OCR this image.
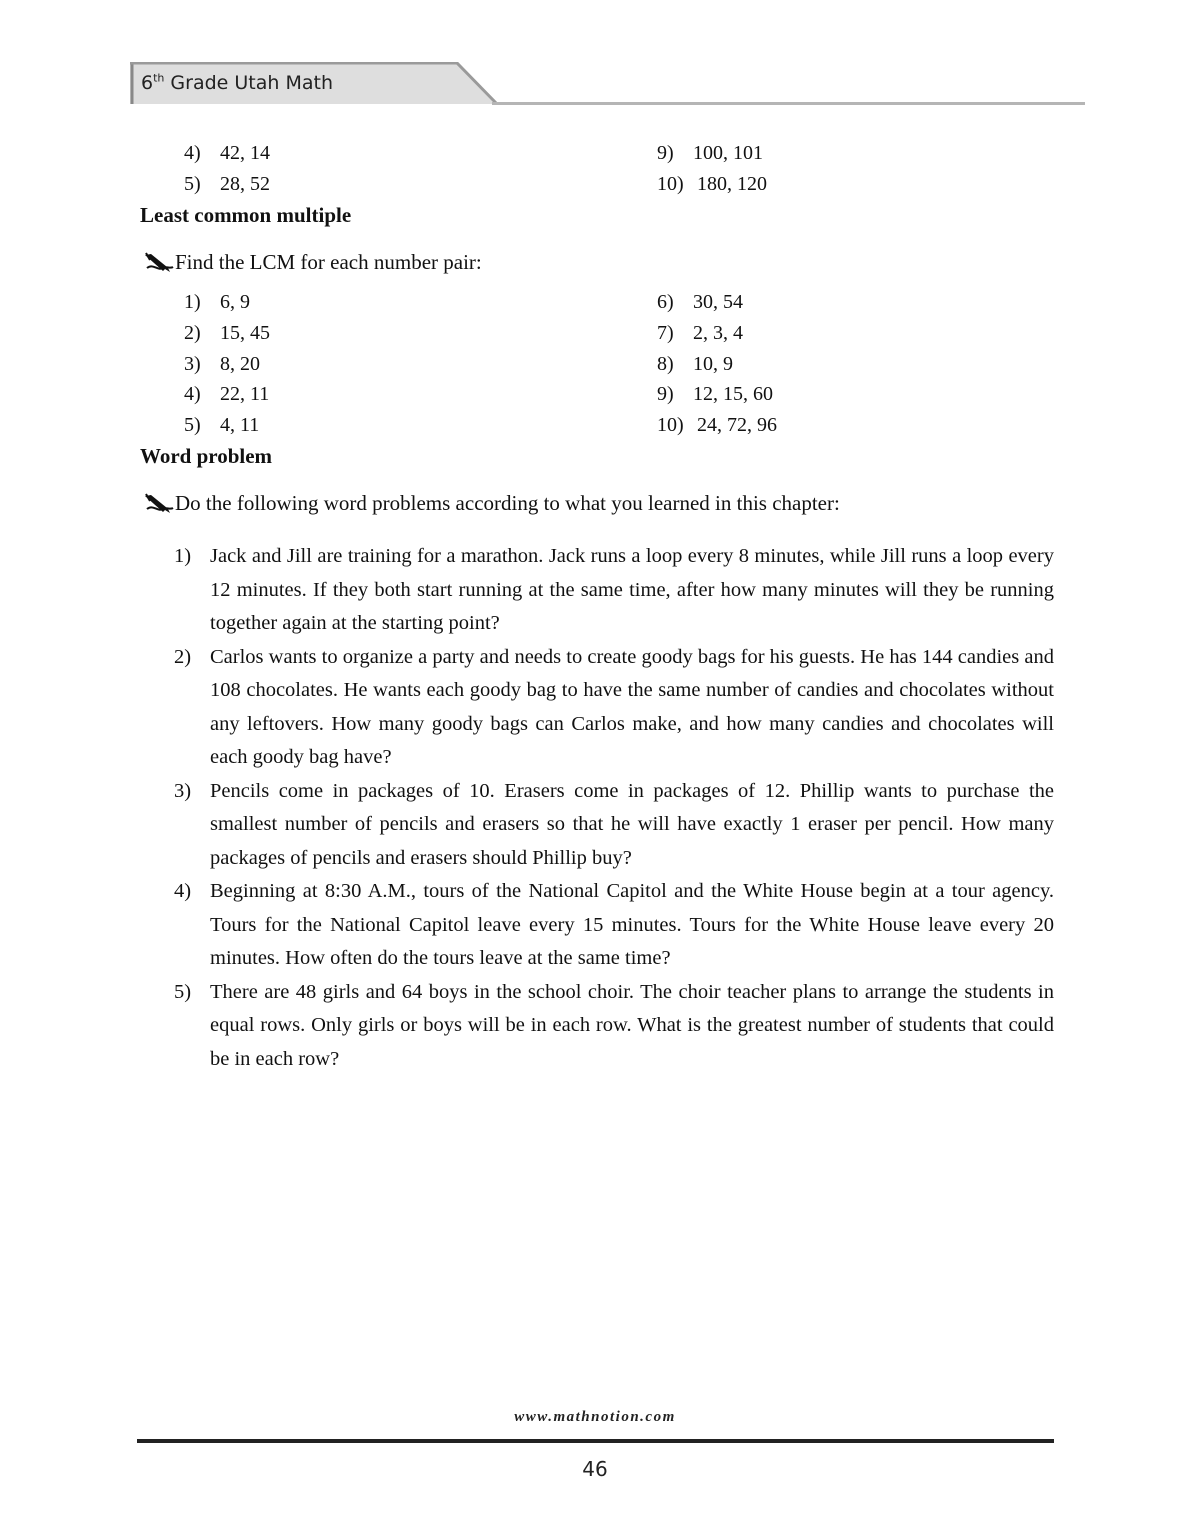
6th Grade Utah Math
4) 42, 14
5) 28, 52
9) 100, 101
10) 180, 120
Least common multiple
Find the LCM for each number pair:
1) 6, 9
2) 15, 45
3) 8, 20
4) 22, 11
5) 4, 11
6) 30, 54
7) 2, 3, 4
8) 10, 9
9) 12, 15, 60
10) 24, 72, 96
Word problem
Do the following word problems according to what you learned in this chapter:
1) Jack and Jill are training for a marathon. Jack runs a loop every 8 minutes, while Jill runs a loop every 12 minutes. If they both start running at the same time, after how many minutes will they be running together again at the starting point?
2) Carlos wants to organize a party and needs to create goody bags for his guests. He has 144 candies and 108 chocolates. He wants each goody bag to have the same number of candies and chocolates without any leftovers. How many goody bags can Carlos make, and how many candies and chocolates will each goody bag have?
3) Pencils come in packages of 10. Erasers come in packages of 12. Phillip wants to purchase the smallest number of pencils and erasers so that he will have exactly 1 eraser per pencil. How many packages of pencils and erasers should Phillip buy?
4) Beginning at 8:30 A.M., tours of the National Capitol and the White House begin at a tour agency. Tours for the National Capitol leave every 15 minutes. Tours for the White House leave every 20 minutes. How often do the tours leave at the same time?
5) There are 48 girls and 64 boys in the school choir. The choir teacher plans to arrange the students in equal rows. Only girls or boys will be in each row. What is the greatest number of students that could be in each row?
www.mathnotion.com
46
